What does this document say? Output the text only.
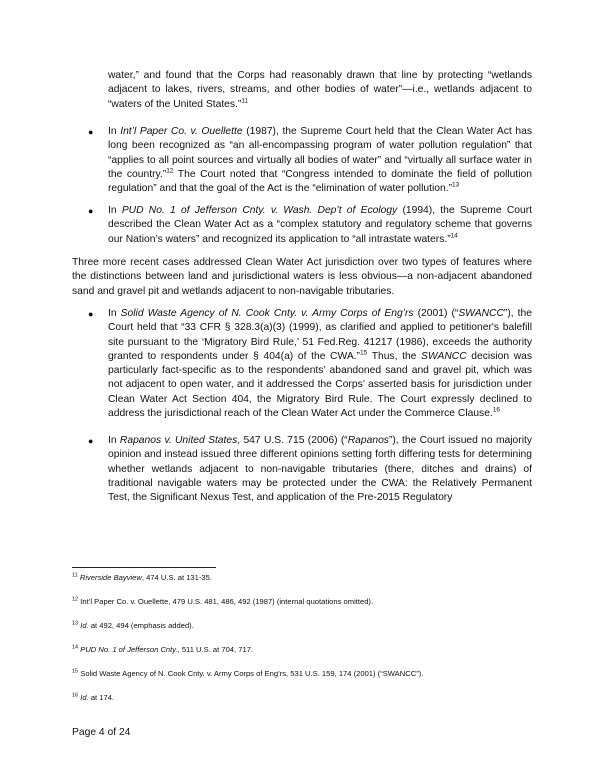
water,” and found that the Corps had reasonably drawn that line by protecting “wetlands adjacent to lakes, rivers, streams, and other bodies of water”—i.e., wetlands adjacent to “waters of the United States.”$^{11}$

● In Int’l Paper Co. v. Ouellette (1987), the Supreme Court held that the Clean Water Act has long been recognized as “an all-encompassing program of water pollution regulation” that “applies to all point sources and virtually all bodies of water” and “virtually all surface water in the country.”$^{12}$ The Court noted that “Congress intended to dominate the field of pollution regulation” and that the goal of the Act is the “elimination of water pollution.”$^{13}$
● In PUD No. 1 of Jefferson Cnty. v. Wash. Dep’t of Ecology (1994), the Supreme Court described the Clean Water Act as a “complex statutory and regulatory scheme that governs our Nation’s waters” and recognized its application to “all intrastate waters.”$^{14}$

Three more recent cases addressed Clean Water Act jurisdiction over two types of features where the distinctions between land and jurisdictional waters is less obvious—a non-adjacent abandoned sand and gravel pit and wetlands adjacent to non-navigable tributaries.

● In Solid Waste Agency of N. Cook Cnty. v. Army Corps of Eng’rs (2001) (“SWANCC”), the Court held that “33 CFR § 328.3(a)(3) (1999), as clarified and applied to petitioner's balefill site pursuant to the ‘Migratory Bird Rule,’ 51 Fed.Reg. 41217 (1986), exceeds the authority granted to respondents under § 404(a) of the CWA.”$^{15}$ Thus, the SWANCC decision was particularly fact-specific as to the respondents’ abandoned sand and gravel pit, which was not adjacent to open water, and it addressed the Corps’ asserted basis for jurisdiction under Clean Water Act Section 404, the Migratory Bird Rule. The Court expressly declined to address the jurisdictional reach of the Clean Water Act under the Commerce Clause.$^{16}$
● In Rapanos v. United States, 547 U.S. 715 (2006) (“Rapanos”), the Court issued no majority opinion and instead issued three different opinions setting forth differing tests for determining whether wetlands adjacent to non-navigable tributaries (there, ditches and drains) of traditional navigable waters may be protected under the CWA: the Relatively Permanent Test, the Significant Nexus Test, and application of the Pre-2015 Regulatory

$^{11}$ Riverside Bayview, 474 U.S. at 131-35.

$^{12}$ Int’l Paper Co. v. Ouellette, 479 U.S. 481, 486, 492 (1987) (internal quotations omitted).

$^{13}$ Id. at 492, 494 (emphasis added).

$^{14}$ PUD No. 1 of Jefferson Cnty., 511 U.S. at 704, 717.

$^{15}$ Solid Waste Agency of N. Cook Cnty. v. Army Corps of Eng’rs, 531 U.S. 159, 174 (2001) (“SWANCC”).

$^{16}$ Id. at 174.

Page 4 of 24
